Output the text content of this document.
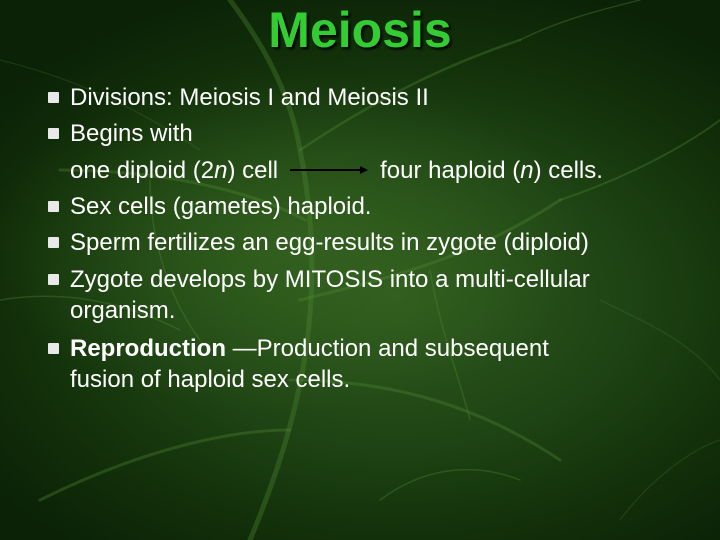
Meiosis
Divisions: Meiosis I and Meiosis II
Begins with
one diploid (2n) cell	four haploid (n) cells.
Sex cells (gametes) haploid.
Sperm fertilizes an egg-results in zygote (diploid)
Zygote develops by MITOSIS into a multi-cellular
organism.
Reproduction —Production and subsequent
fusion of haploid sex cells.
